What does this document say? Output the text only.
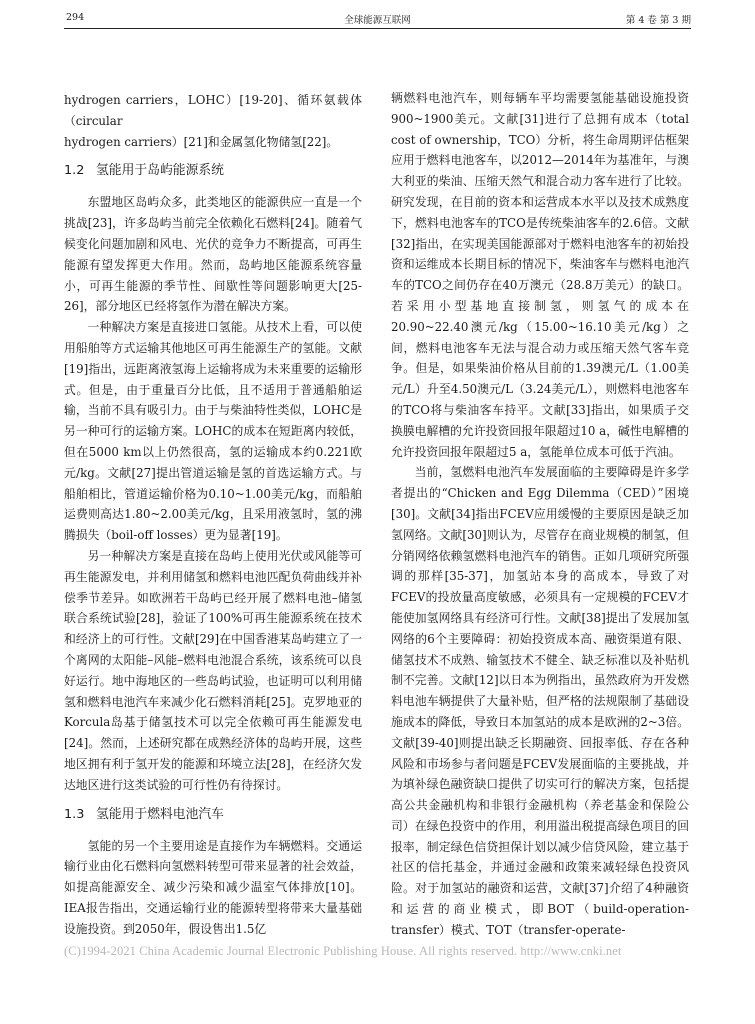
294	全球能源互联网	第 4 卷 第 3 期

hydrogen carriers，LOHC）[19-20]、循环氨载体（circular

hydrogen carriers）[21]和金属氢化物储氢[22]。

1.2 氢能用于岛屿能源系统

东盟地区岛屿众多，此类地区的能源供应一直是一个挑战[23]，许多岛屿当前完全依赖化石燃料[24]。随着气候变化问题加剧和风电、光伏的竞争力不断提高，可再生能源有望发挥更大作用。然而，岛屿地区能源系统容量小，可再生能源的季节性、间歇性等问题影响更大[25-26]，部分地区已经将氢作为潜在解决方案。

一种解决方案是直接进口氢能。从技术上看，可以使用船舶等方式运输其他地区可再生能源生产的氢能。文献[19]指出，远距离液氢海上运输将成为未来重要的运输形式。但是，由于重量百分比低，且不适用于普通船舶运输，当前不具有吸引力。由于与柴油特性类似，LOHC是另一种可行的运输方案。LOHC的成本在短距离内较低，但在5000 km以上仍然很高，氢的运输成本约0.221欧元/kg。文献[27]提出管道运输是氢的首选运输方式。与船舶相比，管道运输价格为0.10~1.00美元/kg，而船舶运费则高达1.80~2.00美元/kg，且采用液氢时，氢的沸腾损失（boil-off losses）更为显著[19]。

另一种解决方案是直接在岛屿上使用光伏或风能等可再生能源发电，并利用储氢和燃料电池匹配负荷曲线并补偿季节差异。如欧洲若干岛屿已经开展了燃料电池–储氢联合系统试验[28]，验证了100%可再生能源系统在技术和经济上的可行性。文献[29]在中国香港某岛屿建立了一个离网的太阳能–风能–燃料电池混合系统，该系统可以良好运行。地中海地区的一些岛屿试验，也证明可以利用储氢和燃料电池汽车来减少化石燃料消耗[25]。克罗地亚的Korcula岛基于储氢技术可以完全依赖可再生能源发电[24]。然而，上述研究都在成熟经济体的岛屿开展，这些地区拥有利于氢开发的能源和环境立法[28]，在经济欠发达地区进行这类试验的可行性仍有待探讨。

1.3 氢能用于燃料电池汽车

氢能的另一个主要用途是直接作为车辆燃料。交通运输行业由化石燃料向氢燃料转型可带来显著的社会效益，如提高能源安全、减少污染和减少温室气体排放[10]。IEA报告指出，交通运输行业的能源转型将带来大量基础设施投资。到2050年，假设售出1.5亿

辆燃料电池汽车，则每辆车平均需要氢能基础设施投资900~1900美元。文献[31]进行了总拥有成本（total cost of ownership，TCO）分析，将生命周期评估框架应用于燃料电池客车，以2012—2014年为基准年，与澳大利亚的柴油、压缩天然气和混合动力客车进行了比较。研究发现，在目前的资本和运营成本水平以及技术成熟度下，燃料电池客车的TCO是传统柴油客车的2.6倍。文献[32]指出，在实现美国能源部对于燃料电池客车的初始投资和运维成本长期目标的情况下，柴油客车与燃料电池汽车的TCO之间仍存在40万澳元（28.8万美元）的缺口。若采用小型基地直接制氢，则氢气的成本在20.90~22.40澳元/kg（15.00~16.10美元/kg）之间，燃料电池客车无法与混合动力或压缩天然气客车竞争。但是，如果柴油价格从目前的1.39澳元/L（1.00美元/L）升至4.50澳元/L（3.24美元/L），则燃料电池客车的TCO将与柴油客车持平。文献[33]指出，如果质子交换膜电解槽的允许投资回报年限超过10 a，碱性电解槽的允许投资回报年限超过5 a，氢能单位成本可低于汽油。

当前，氢燃料电池汽车发展面临的主要障碍是许多学者提出的“Chicken and Egg Dilemma（CED）”困境[30]。文献[34]指出FCEV应用缓慢的主要原因是缺乏加氢网络。文献[30]则认为，尽管存在商业规模的制氢，但分销网络依赖氢燃料电池汽车的销售。正如几项研究所强调的那样[35-37]，加氢站本身的高成本，导致了对FCEV的投放量高度敏感，必须具有一定规模的FCEV才能使加氢网络具有经济可行性。文献[38]提出了发展加氢网络的6个主要障碍：初始投资成本高、融资渠道有限、储氢技术不成熟、输氢技术不健全、缺乏标准以及补贴机制不完善。文献[12]以日本为例指出，虽然政府为开发燃料电池车辆提供了大量补贴，但严格的法规限制了基础设施成本的降低，导致日本加氢站的成本是欧洲的2~3倍。文献[39-40]则提出缺乏长期融资、回报率低、存在各种风险和市场参与者问题是FCEV发展面临的主要挑战，并为填补绿色融资缺口提供了切实可行的解决方案，包括提高公共金融机构和非银行金融机构（养老基金和保险公司）在绿色投资中的作用，利用溢出税提高绿色项目的回报率，制定绿色信贷担保计划以减少信贷风险，建立基于社区的信托基金，并通过金融和政策来减轻绿色投资风险。对于加氢站的融资和运营，文献[37]介绍了4种融资和运营的商业模式，即BOT（build-operation-transfer）模式、TOT（transfer-operate-

(C)1994-2021 China Academic Journal Electronic Publishing House. All rights reserved. http://www.cnki.net
